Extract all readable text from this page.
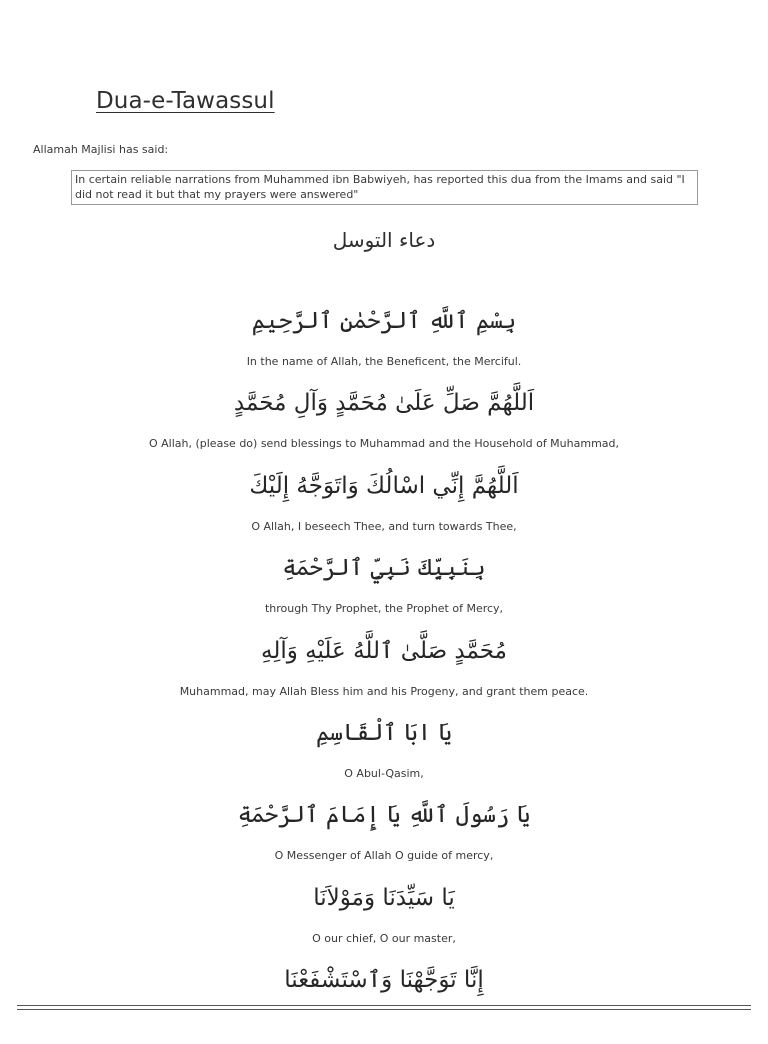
Dua-e-Tawassul
Allamah Majlisi has said:
In certain reliable narrations from Muhammed ibn Babwiyeh, has reported this dua from the Imams and said "I did not read it but that my prayers were answered"
دعاء التوسل
بِسْمِ ٱللَّهِ ٱلرَّحْمٰنِ ٱلرَّحِيمِ
In the name of Allah, the Beneficent, the Merciful.
اَللَّهُمَّ صَلِّ عَلَىٰ مُحَمَّدٍ وَآلِ مُحَمَّدٍ
O Allah, (please do) send blessings to Muhammad and the Household of Muhammad,
اَللَّهُمَّ إِنِّي اسْالُكَ وَاتَوَجَّهُ إِلَيْكَ
O Allah, I beseech Thee, and turn towards Thee,
بِنَبِيِّكَ نَبِيِّ ٱلرَّحْمَةِ
through Thy Prophet, the Prophet of Mercy,
مُحَمَّدٍ صَلَّىٰ ٱللَّهُ عَلَيْهِ وَآلِهِ
Muhammad, may Allah Bless him and his Progeny, and grant them peace.
يَا ابَا ٱلْقَاسِمِ
O Abul-Qasim,
يَا رَسُولَ ٱللَّهِ يَا إِمَامَ ٱلرَّحْمَةِ
O Messenger of Allah O guide of mercy,
يَا سَيِّدَنَا وَمَوْلاَنَا
O our chief, O our master,
إِنَّا تَوَجَّهْنَا وَٱسْتَشْفَعْنَا
